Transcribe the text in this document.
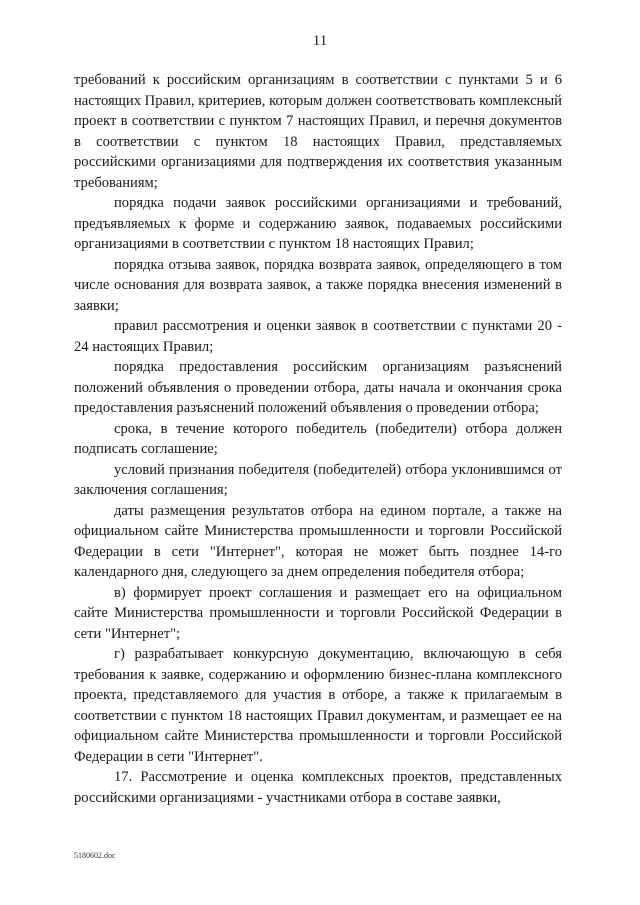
11

требований к российским организациям в соответствии с пунктами 5 и 6 настоящих Правил, критериев, которым должен соответствовать комплексный проект в соответствии с пунктом 7 настоящих Правил, и перечня документов в соответствии с пунктом 18 настоящих Правил, представляемых российскими организациями для подтверждения их соответствия указанным требованиям;

порядка подачи заявок российскими организациями и требований, предъявляемых к форме и содержанию заявок, подаваемых российскими организациями в соответствии с пунктом 18 настоящих Правил;

порядка отзыва заявок, порядка возврата заявок, определяющего в том числе основания для возврата заявок, а также порядка внесения изменений в заявки;

правил рассмотрения и оценки заявок в соответствии с пунктами 20 - 24 настоящих Правил;

порядка предоставления российским организациям разъяснений положений объявления о проведении отбора, даты начала и окончания срока предоставления разъяснений положений объявления о проведении отбора;

срока, в течение которого победитель (победители) отбора должен подписать соглашение;

условий признания победителя (победителей) отбора уклонившимся от заключения соглашения;

даты размещения результатов отбора на едином портале, а также на официальном сайте Министерства промышленности и торговли Российской Федерации в сети "Интернет", которая не может быть позднее 14-го календарного дня, следующего за днем определения победителя отбора;

в) формирует проект соглашения и размещает его на официальном сайте Министерства промышленности и торговли Российской Федерации в сети "Интернет";

г) разрабатывает конкурсную документацию, включающую в себя требования к заявке, содержанию и оформлению бизнес-плана комплексного проекта, представляемого для участия в отборе, а также к прилагаемым в соответствии с пунктом 18 настоящих Правил документам, и размещает ее на официальном сайте Министерства промышленности и торговли Российской Федерации в сети "Интернет".

17. Рассмотрение и оценка комплексных проектов, представленных российскими организациями - участниками отбора в составе заявки,

5180602.doc
